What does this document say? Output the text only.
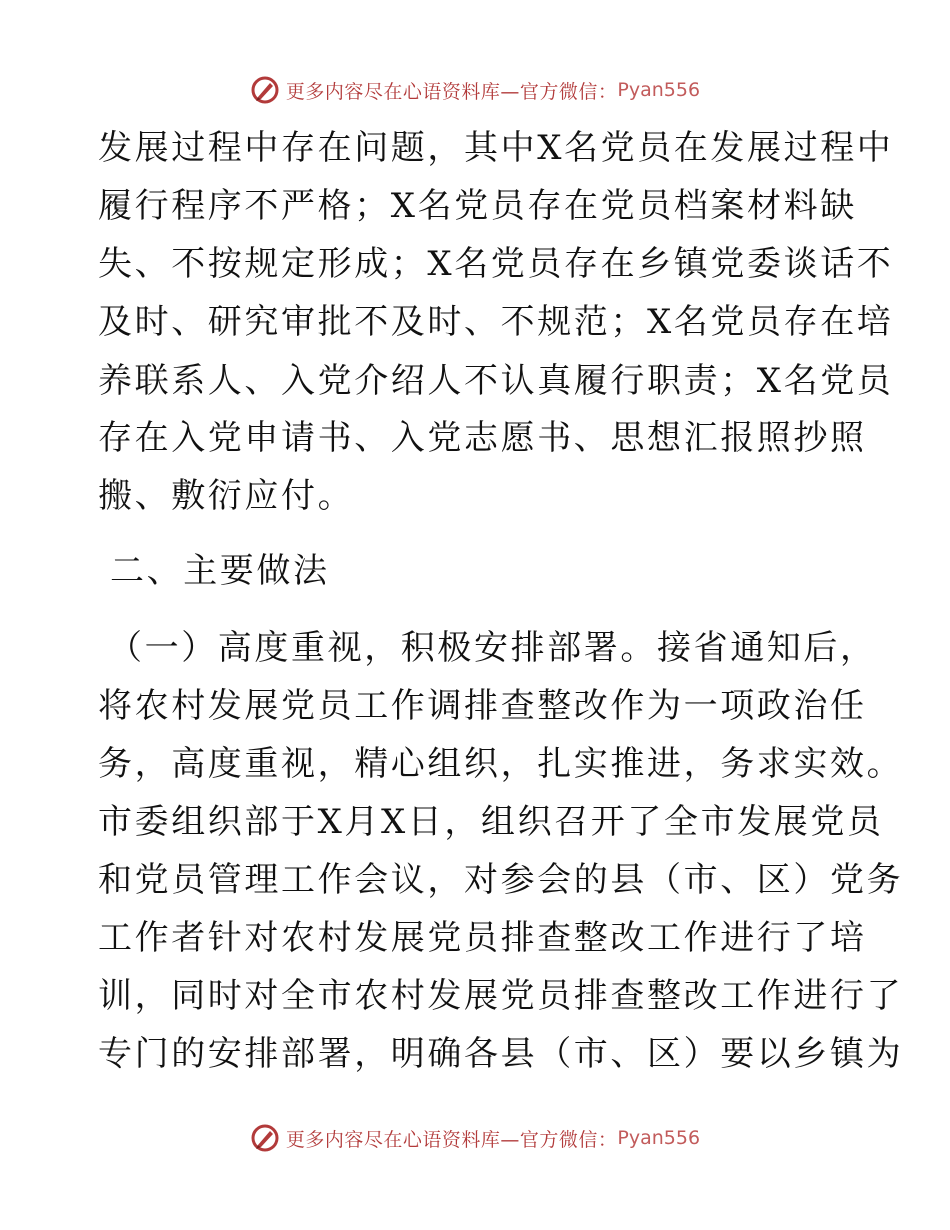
更多内容尽在心语资料库—官方微信： Pyan556
发展过程中存在问题，其中X名党员在发展过程中
履行程序不严格；X名党员存在党员档案材料缺
失、不按规定形成；X名党员存在乡镇党委谈话不
及时、研究审批不及时、不规范；X名党员存在培
养联系人、入党介绍人不认真履行职责；X名党员
存在入党申请书、入党志愿书、思想汇报照抄照
搬、敷衍应付。
二、主要做法
（一）高度重视，积极安排部署。接省通知后，
将农村发展党员工作调排查整改作为一项政治任
务，高度重视，精心组织，扎实推进，务求实效。
市委组织部于X月X日，组织召开了全市发展党员
和党员管理工作会议，对参会的县（市、区）党务
工作者针对农村发展党员排查整改工作进行了培
训，同时对全市农村发展党员排查整改工作进行了
专门的安排部署，明确各县（市、区）要以乡镇为
更多内容尽在心语资料库—官方微信： Pyan556
